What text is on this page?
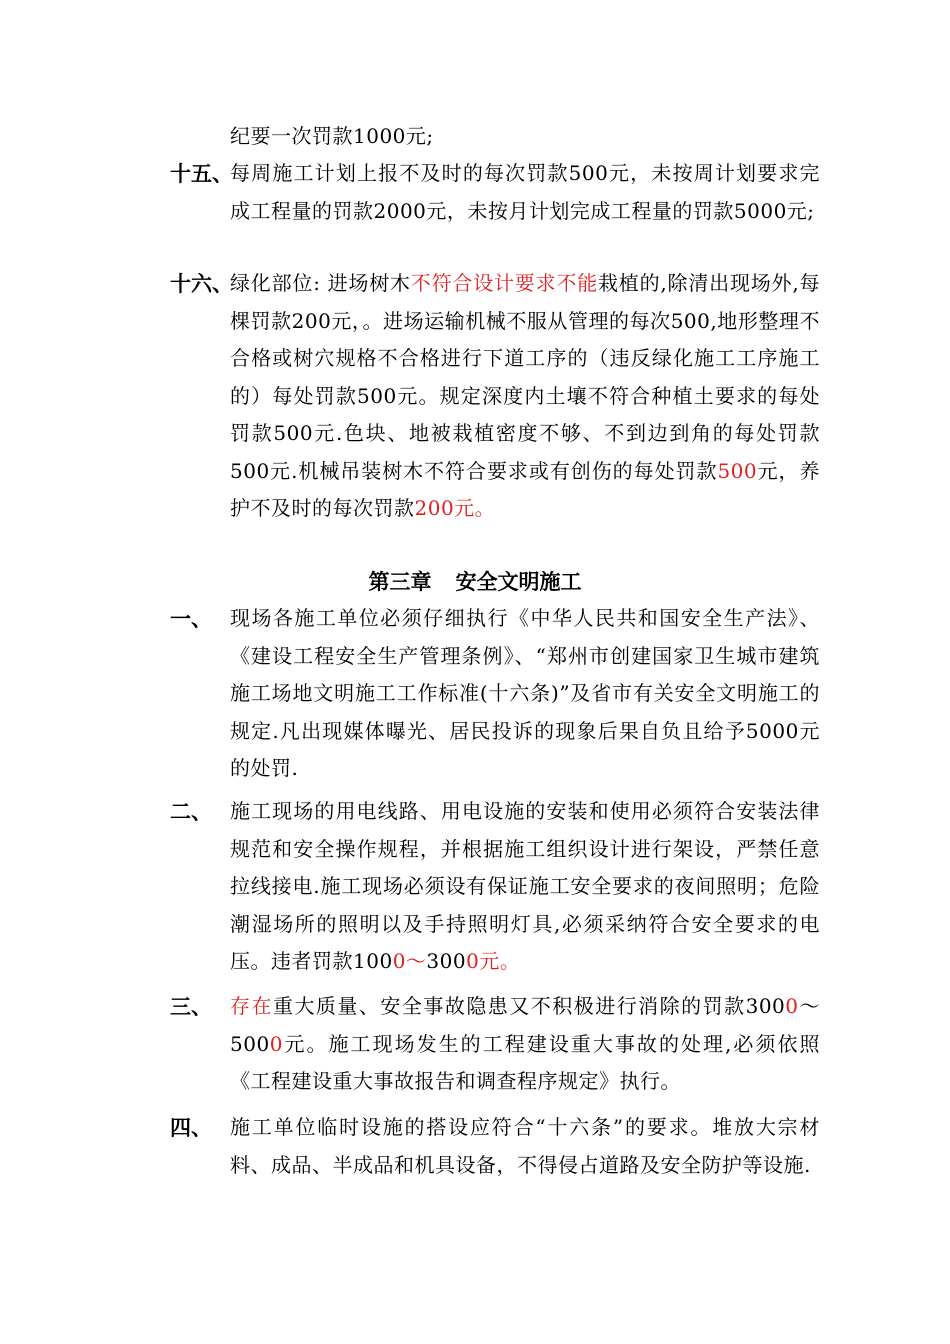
纪要一次罚款1000元;
十五、
每周施工计划上报不及时的每次罚款500元，未按周计划要求完成工程量的罚款2000元，未按月计划完成工程量的罚款5000元;
十六、
绿化部位: 进场树木不符合设计要求不能栽植的,除清出现场外,每棵罚款200元，。进场运输机械不服从管理的每次500,地形整理不合格或树穴规格不合格进行下道工序的（违反绿化施工工序施工的）每处罚款500元。规定深度内土壤不符合种植土要求的每处罚款500元.色块、地被栽植密度不够、不到边到角的每处罚款500元.机械吊装树木不符合要求或有创伤的每处罚款500元，养护不及时的每次罚款200元。
第三章 安全文明施工
一、 现场各施工单位必须仔细执行《中华人民共和国安全生产法》、《建设工程安全生产管理条例》、“郑州市创建国家卫生城市建筑施工场地文明施工工作标准(十六条)”及省市有关安全文明施工的规定.凡出现媒体曝光、居民投诉的现象后果自负且给予5000元的处罚.
二、 施工现场的用电线路、用电设施的安装和使用必须符合安装法律规范和安全操作规程，并根据施工组织设计进行架设，严禁任意拉线接电.施工现场必须设有保证施工安全要求的夜间照明；危险潮湿场所的照明以及手持照明灯具,必须采纳符合安全要求的电压。违者罚款1000～3000元。
三、 存在重大质量、安全事故隐患又不积极进行消除的罚款3000～5000元。施工现场发生的工程建设重大事故的处理,必须依照《工程建设重大事故报告和调查程序规定》执行。
四、 施工单位临时设施的搭设应符合“十六条”的要求。堆放大宗材料、成品、半成品和机具设备，不得侵占道路及安全防护等设施.
